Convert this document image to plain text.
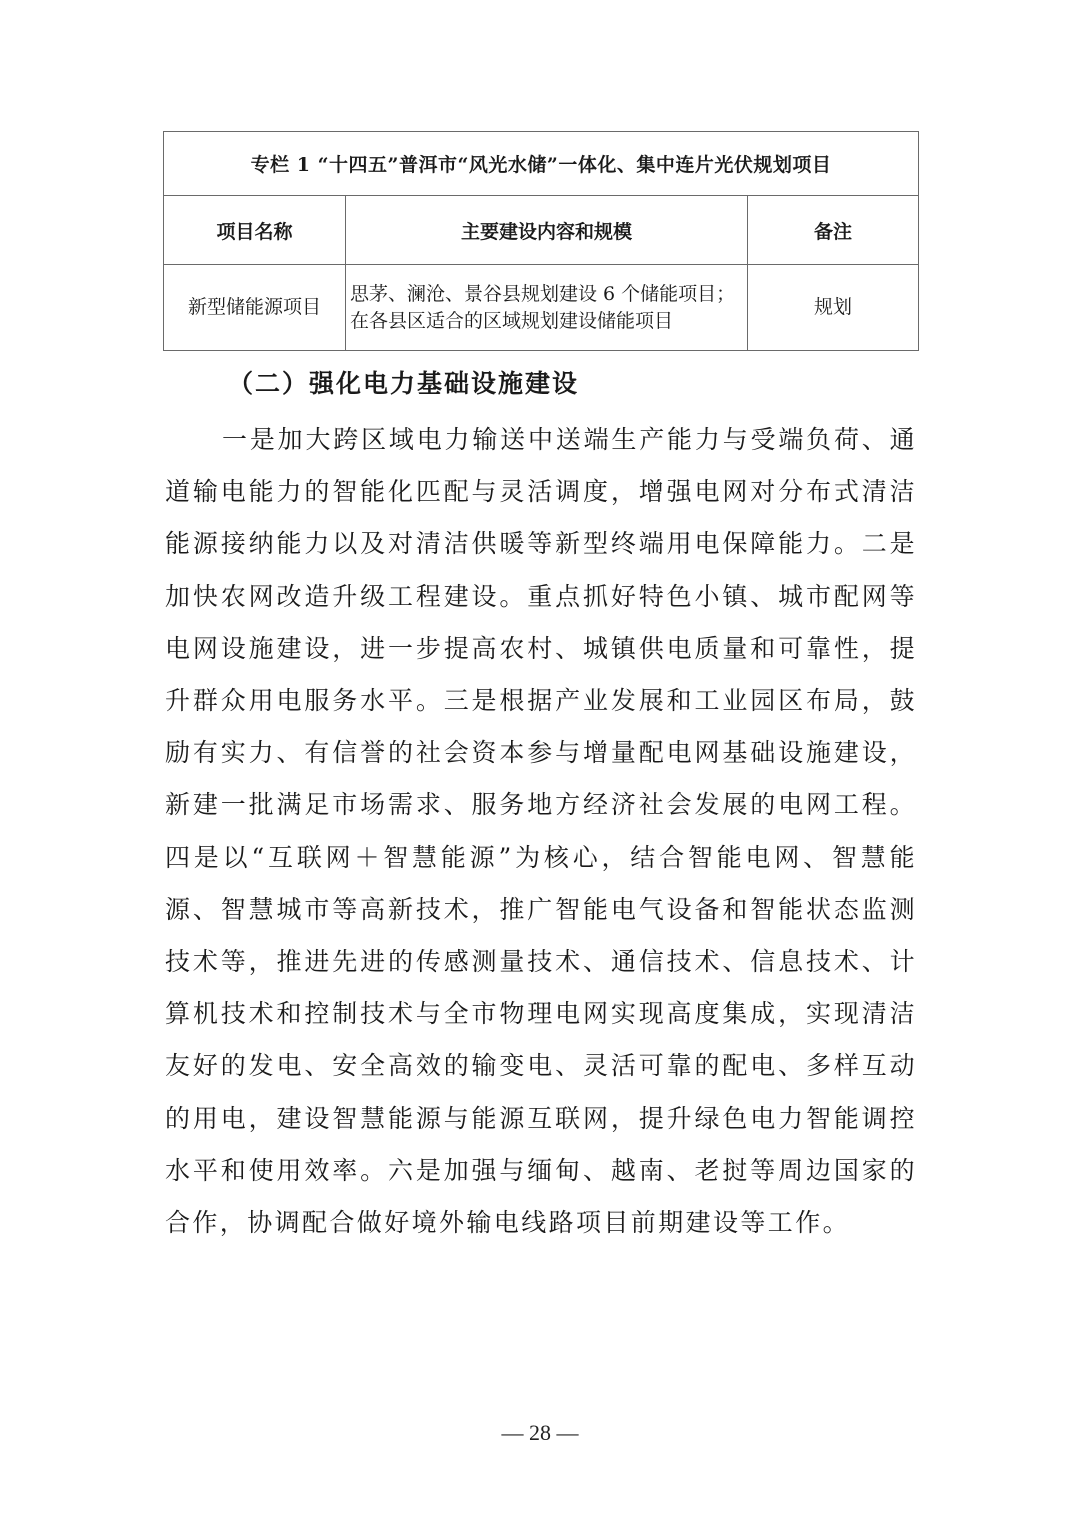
专栏 1 “十四五”普洱市“风光水储”一体化、集中连片光伏规划项目		
项目名称	主要建设内容和规模	备注
新型储能源项目	思茅、澜沧、景谷县规划建设 6 个储能项目；在各县区适合的区域规划建设储能项目	规划
（二）强化电力基础设施建设

一是加大跨区域电力输送中送端生产能力与受端负荷、通道输电能力的智能化匹配与灵活调度，增强电网对分布式清洁能源接纳能力以及对清洁供暖等新型终端用电保障能力。二是加快农网改造升级工程建设。重点抓好特色小镇、城市配网等电网设施建设，进一步提高农村、城镇供电质量和可靠性，提升群众用电服务水平。三是根据产业发展和工业园区布局，鼓励有实力、有信誉的社会资本参与增量配电网基础设施建设，新建一批满足市场需求、服务地方经济社会发展的电网工程。四是以“互联网＋智慧能源”为核心，结合智能电网、智慧能源、智慧城市等高新技术，推广智能电气设备和智能状态监测技术等，推进先进的传感测量技术、通信技术、信息技术、计算机技术和控制技术与全市物理电网实现高度集成，实现清洁友好的发电、安全高效的输变电、灵活可靠的配电、多样互动的用电，建设智慧能源与能源互联网，提升绿色电力智能调控水平和使用效率。六是加强与缅甸、越南、老挝等周边国家的合作，协调配合做好境外输电线路项目前期建设等工作。

— 28 —
